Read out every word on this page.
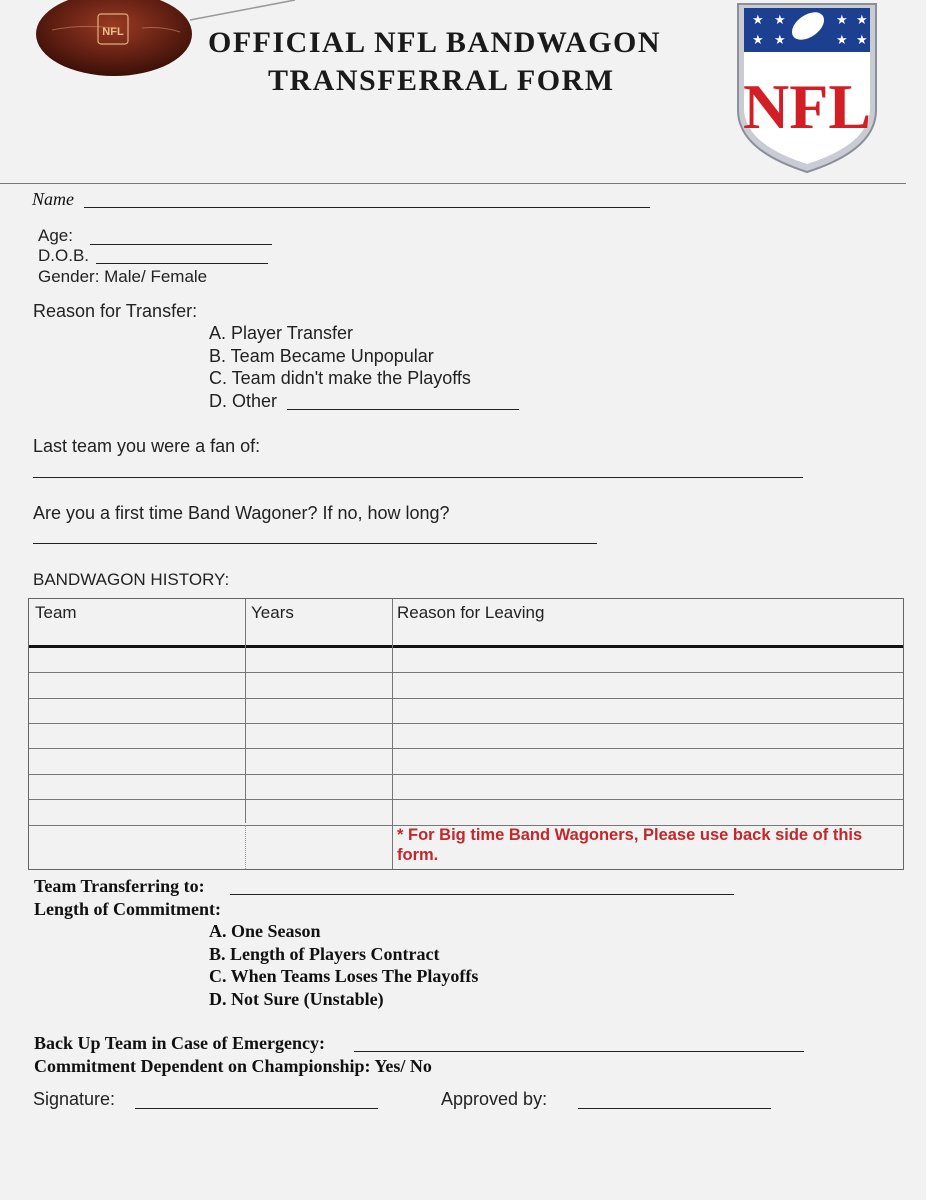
NFL	OFFICIAL NFL BANDWAGON
TRANSFERRAL FORM
★ ★
★ ★
★ ★
★ ★
NFL
Name
Age:
D.O.B.
Gender: Male/ Female
Reason for Transfer:
A. Player Transfer
B. Team Became Unpopular
C. Team didn't make the Playoffs
D. Other
Last team you were a fan of:
Are you a first time Band Wagoner? If no, how long?
BANDWAGON HISTORY:
Team	Years	Reason for Leaving
* For Big time Band Wagoners, Please use back side of this form.
Team Transferring to:
Length of Commitment:
A. One Season
B. Length of Players Contract
C. When Teams Loses The Playoffs
D. Not Sure (Unstable)
Back Up Team in Case of Emergency:
Commitment Dependent on Championship: Yes/ No
Signature:	Approved by:
